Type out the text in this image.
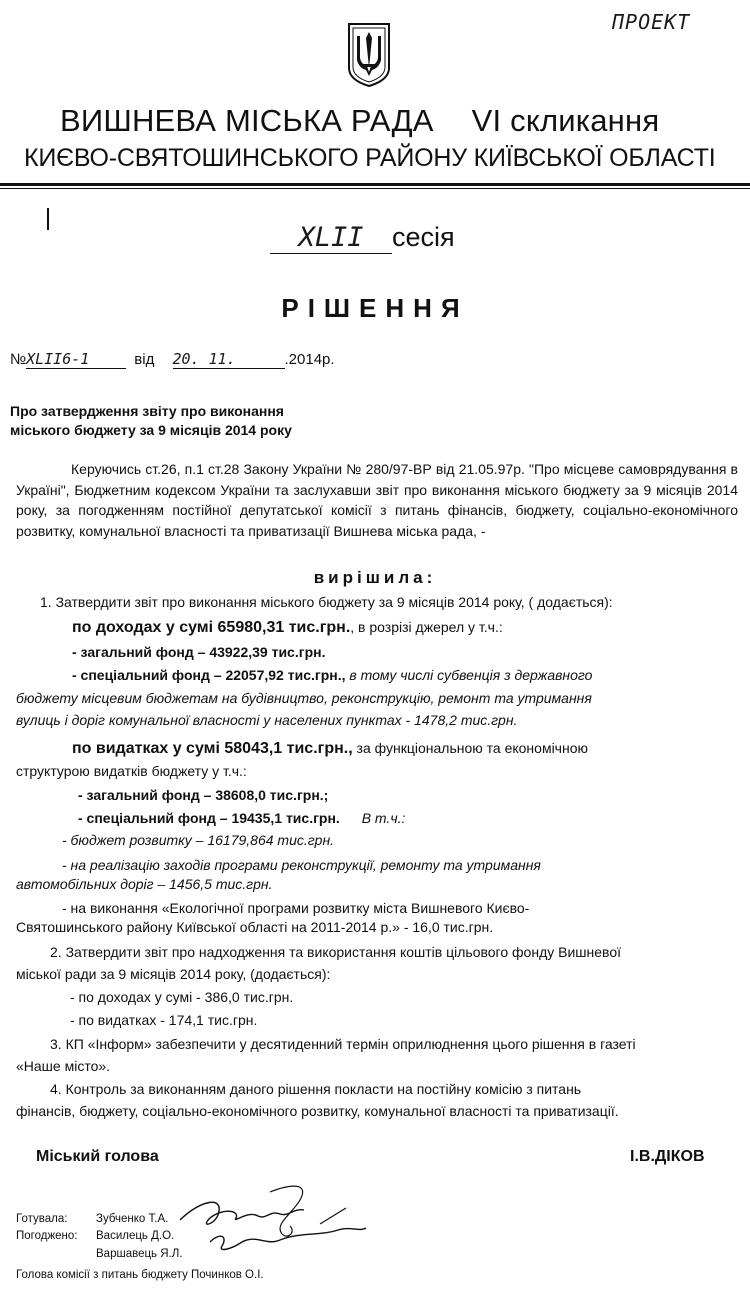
ПРОЕКТ
ВИШНЕВА МІСЬКА РАДА VI скликання
КИЄВО-СВЯТОШИНСЬКОГО РАЙОНУ КИЇВСЬКОЇ ОБЛАСТІ
XLII сесія
РІШЕННЯ
№XLII6-1	від 20. 11.	.2014р.
Про затвердження звіту про виконання
міського бюджету за 9 місяців 2014 року
Керуючись ст.26, п.1 ст.28 Закону України № 280/97-ВР від 21.05.97р. "Про місцеве самоврядування в Україні", Бюджетним кодексом України та заслухавши звіт про виконання міського бюджету за 9 місяців 2014 року, за погодженням постійної депутатської комісії з питань фінансів, бюджету, соціально-економічного розвитку, комунальної власності та приватизації Вишнева міська рада, -
вирішила:
1. Затвердити звіт про виконання міського бюджету за 9 місяців 2014 року, ( додається):
по доходах у сумі 65980,31 тис.грн., в розрізі джерел у т.ч.:
- загальний фонд – 43922,39 тис.грн.
- спеціальний фонд – 22057,92 тис.грн., в тому числі субвенція з державного
бюджету місцевим бюджетам на будівництво, реконструкцію, ремонт та утримання
вулиць і доріг комунальної власності у населених пунктах - 1478,2 тис.грн.
по видатках у сумі 58043,1 тис.грн., за функціональною та економічною
структурою видатків бюджету у т.ч.:
- загальний фонд – 38608,0 тис.грн.;
- спеціальний фонд – 19435,1 тис.грн. В т.ч.:
- бюджет розвитку – 16179,864 тис.грн.
- на реалізацію заходів програми реконструкції, ремонту та утримання
автомобільних доріг – 1456,5 тис.грн.
- на виконання «Екологічної програми розвитку міста Вишневого Києво-
Святошинського району Київської області на 2011-2014 р.» - 16,0 тис.грн.
2. Затвердити звіт про надходження та використання коштів цільового фонду Вишневої
міської ради за 9 місяців 2014 року, (додається):
- по доходах у сумі - 386,0 тис.грн.
- по видатках - 174,1 тис.грн.
3. КП «Інформ» забезпечити у десятиденний термін оприлюднення цього рішення в газеті
«Наше місто».
4. Контроль за виконанням даного рішення покласти на постійну комісію з питань
фінансів, бюджету, соціально-економічного розвитку, комунальної власності та приватизації.
Міський голова	І.В.ДІКОВ
Готувала: Зубченко Т.А.
Погоджено: Василець Д.О.
Варшавець Я.Л.
Голова комісії з питань бюджету Починков О.І.
